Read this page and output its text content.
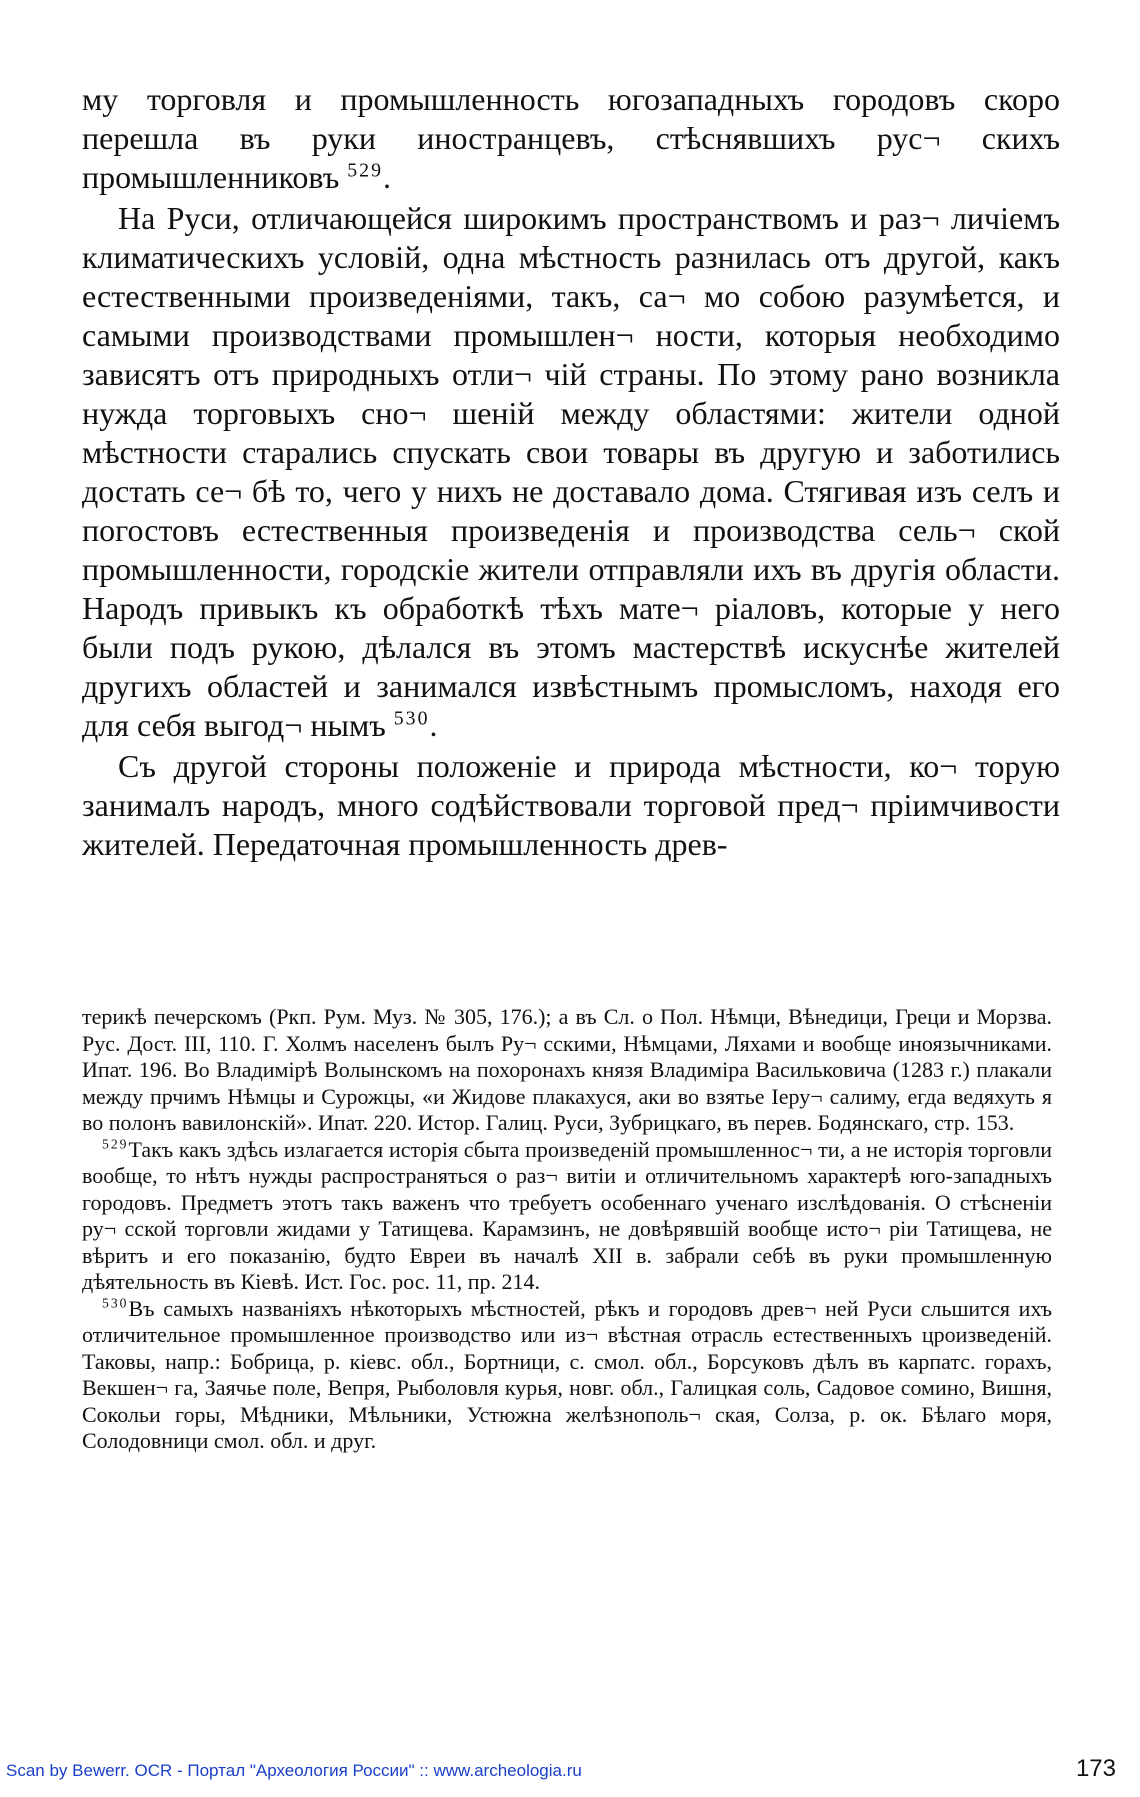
му торговля и промышленность югозападныхъ городовъ скоро перешла въ руки иностранцевъ, стѣснявшихъ рус¬ скихъ промышленниковъ $^{529}$.

На Руси, отличающейся широкимъ пространствомъ и раз¬ личіемъ климатическихъ условій, одна мѣстность разнилась отъ другой, какъ естественными произведеніями, такъ, са¬ мо собою разумѣется, и самыми производствами промышлен¬ ности, которыя необходимо зависятъ отъ природныхъ отли¬ чій страны. По этому рано возникла нужда торговыхъ сно¬ шеній между областями: жители одной мѣстности старались спускать свои товары въ другую и заботились достать се¬ бѣ то, чего у нихъ не доставало дома. Стягивая изъ селъ и погостовъ естественныя произведенія и производства сель¬ ской промышленности, городскіе жители отправляли ихъ въ другія области. Народъ привыкъ къ обработкѣ тѣхъ мате¬ ріаловъ, которые у него были подъ рукою, дѣлался въ этомъ мастерствѣ искуснѣе жителей другихъ областей и занимался извѣстнымъ промысломъ, находя его для себя выгод¬ нымъ $^{530}$.

Съ другой стороны положеніе и природа мѣстности, ко¬ торую занималъ народъ, много содѣйствовали торговой пред¬ пріимчивости жителей. Передаточная промышленность древ-

терикѣ печерскомъ (Ркп. Рум. Муз. № 305, 176.); а въ Сл. о Пол. Нѣмци, Вѣнедици, Греци и Морзва. Рус. Дост. III, 110. Г. Холмъ населенъ былъ Ру¬ сскими, Нѣмцами, Ляхами и вообще иноязычниками. Ипат. 196. Во Владимірѣ Волынскомъ на похоронахъ князя Владиміра Васильковича (1283 г.) плакали между прчимъ Нѣмцы и Сурожцы, «и Жидове плакахуся, аки во взятье Іеру¬ салиму, егда ведяхуть я во полонъ вавилонскій». Ипат. 220. Истор. Галиц. Руси, Зубрицкаго, въ перев. Бодянскаго, стр. 153.

$^{529}$Такъ какъ здѣсь излагается исторія сбыта произведеній промышленнос¬ ти, а не исторія торговли вообще, то нѣтъ нужды распространяться о раз¬ витіи и отличительномъ характерѣ юго-западныхъ городовъ. Предметъ этотъ такъ важенъ что требуетъ особеннаго ученаго изслѣдованія. О стѣсненіи ру¬ сской торговли жидами у Татищева. Карамзинъ, не довѣрявшій вообще исто¬ ріи Татищева, не вѣритъ и его показанію, будто Евреи въ началѣ XII в. забрали себѣ въ руки промышленную дѣятельность въ Кіевѣ. Ист. Гос. рос. 11, пр. 214.

$^{530}$Въ самыхъ названіяхъ нѣкоторыхъ мѣстностей, рѣкъ и городовъ древ¬ ней Руси сльшится ихъ отличительное промышленное производство или из¬ вѣстная отрасль естественныхъ цроизведеній. Таковы, напр.: Бобрица, р. кіевс. обл., Бортници, с. смол. обл., Борсуковъ дѣлъ въ карпатс. горахъ, Векшен¬ га, Заячье поле, Вепря, Рыболовля курья, новг. обл., Галицкая соль, Садовое сомино, Вишня, Сокольи горы, Мѣдники, Мѣльники, Устюжна желѣзнополь¬ ская, Солза, р. ок. Бѣлаго моря, Солодовници смол. обл. и друг.

Scan by Bewerr. OCR - Портал "Археология России" :: www.archeologia.ru	173
